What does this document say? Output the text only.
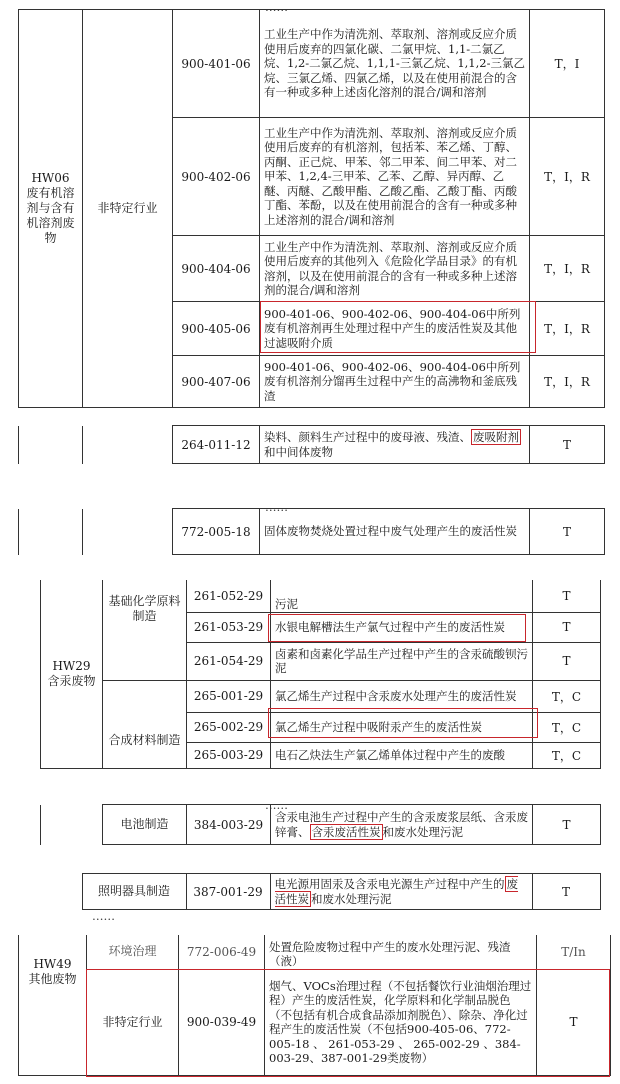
……
HW06
废有机溶
剂与含有
机溶剂废
物	非特定行业	900-401-06	工业生产中作为清洗剂、萃取剂、溶剂或反应介质使用后废弃的四氯化碳、二氯甲烷、1,1-二氯乙烷、1,2-二氯乙烷、1,1,1-三氯乙烷、1,1,2-三氯乙烷、三氯乙烯、四氯乙烯，以及在使用前混合的含有一种或多种上述卤化溶剂的混合/调和溶剂	T，I
		900-402-06	工业生产中作为清洗剂、萃取剂、溶剂或反应介质使用后废弃的有机溶剂，包括苯、苯乙烯、丁醇、丙酮、正己烷、甲苯、邻二甲苯、间二甲苯、对二甲苯、1,2,4-三甲苯、乙苯、乙醇、异丙醇、乙醚、丙醚、乙酸甲酯、乙酸乙酯、乙酸丁酯、丙酸丁酯、苯酚，以及在使用前混合的含有一种或多种上述溶剂的混合/调和溶剂	T，I，R
		900-404-06	工业生产中作为清洗剂、萃取剂、溶剂或反应介质使用后废弃的其他列入《危险化学品目录》的有机溶剂，以及在使用前混合的含有一种或多种上述溶剂的混合/调和溶剂	T，I，R
		900-405-06	900-401-06、900-402-06、900-404-06中所列废有机溶剂再生处理过程中产生的废活性炭及其他过滤吸附介质	T，I，R
		900-407-06	900-401-06、900-402-06、900-404-06中所列废有机溶剂分馏再生过程中产生的高沸物和釜底残渣	T，I，R
		264-011-12	染料、颜料生产过程中的废母液、残渣、 废吸附剂和中间体废物	T
……
		772-005-18	固体废物焚烧处置过程中废气处理产生的废活性炭	T
HW29
含汞废物	基础化学原料
制造	261-052-29	污泥	T
		261-053-29	水银电解槽法生产氯气过程中产生的废活性炭	T
		261-054-29	卤素和卤素化学品生产过程中产生的含汞硫酸钡污泥	T
	合成材料制造	265-001-29	氯乙烯生产过程中含汞废水处理产生的废活性炭	T，C
		265-002-29	氯乙烯生产过程中吸附汞产生的废活性炭	T，C
		265-003-29	电石乙炔法生产氯乙烯单体过程中产生的废酸	T，C
……
	电池制造	384-003-29	含汞电池生产过程中产生的含汞废浆层纸、含汞废锌膏、 含汞废活性炭 和废水处理污泥	T
	照明器具制造	387-001-29	电光源用固汞及含汞电光源生产过程中产生的 废活性炭 和废水处理污泥	T
……
HW49
其他废物	环境治理	772-006-49	处置危险废物过程中产生的废水处理污泥、残渣（液）	T/In
	非特定行业	900-039-49	烟气、VOCs治理过程（不包括餐饮行业油烟治理过程）产生的废活性炭，化学原料和化学制品脱色（不包括有机合成食品添加剂脱色）、除杂、净化过程产生的废活性炭（不包括900-405-06、772-005-18 、 261-053-29 、 265-002-29 、384-003-29、387-001-29类废物）	T
